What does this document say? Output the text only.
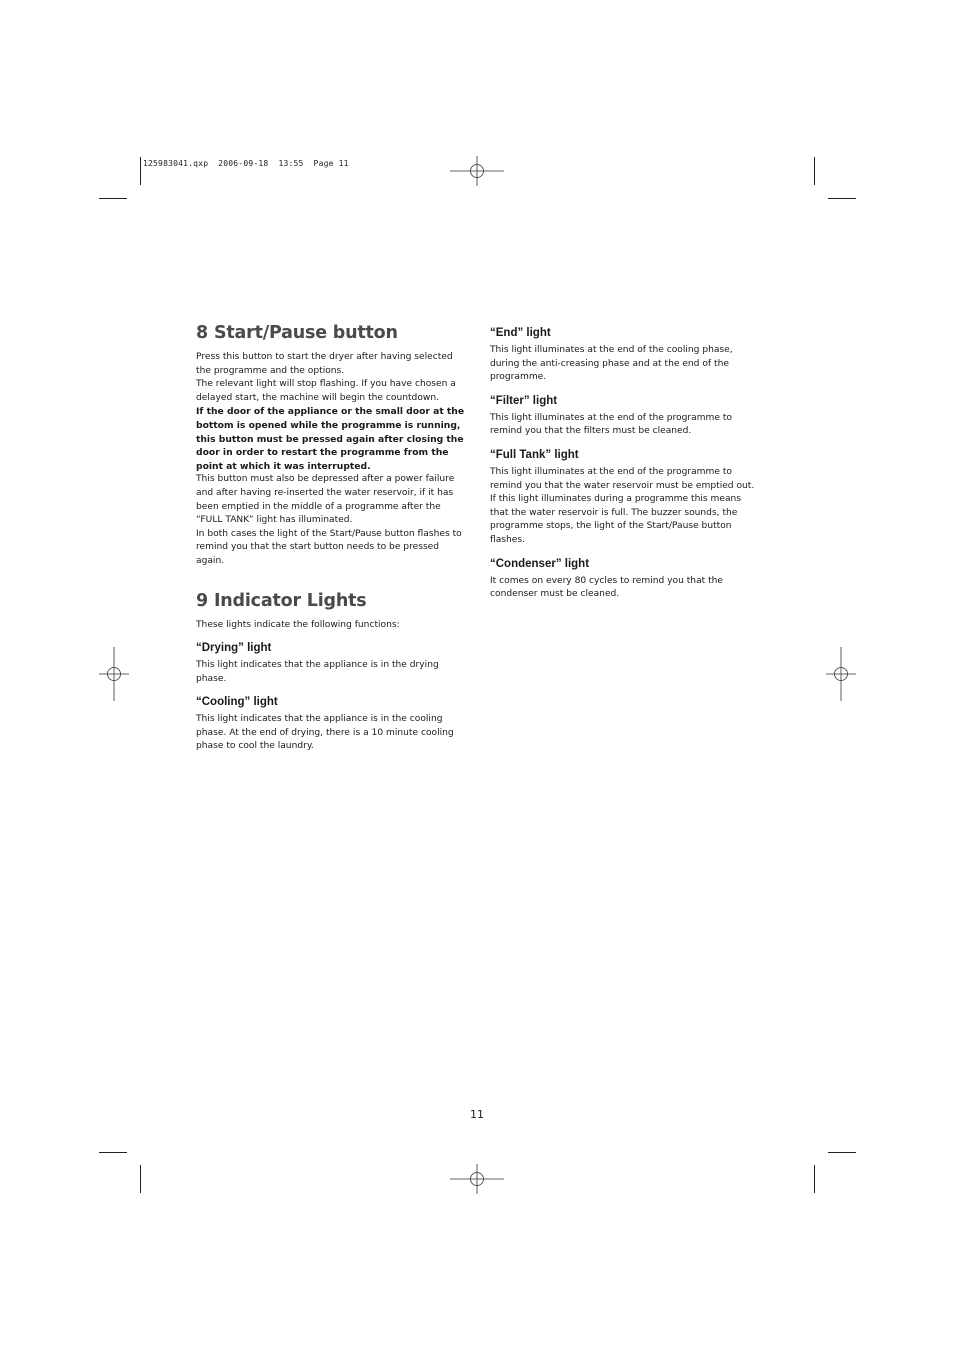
125983041.qxp  2006-09-18  13:55  Page 11
8 Start/Pause button

Press this button to start the dryer after having selected the programme and the options.

The relevant light will stop flashing. If you have chosen a delayed start, the machine will begin the countdown.

If the door of the appliance or the small door at the bottom is opened while the programme is running, this button must be pressed again after closing the door in order to restart the programme from the point at which it was interrupted.

This button must also be depressed after a power failure and after having re-inserted the water reservoir, if it has been emptied in the middle of a programme after the “FULL TANK” light has illuminated.

In both cases the light of the Start/Pause button flashes to remind you that the start button needs to be pressed again.

9 Indicator Lights

These lights indicate the following functions:

“Drying” light

This light indicates that the appliance is in the drying phase.

“Cooling” light

This light indicates that the appliance is in the cooling phase. At the end of drying, there is a 10 minute cooling phase to cool the laundry.

“End” light

This light illuminates at the end of the cooling phase, during the anti-creasing phase and at the end of the programme.

“Filter” light

This light illuminates at the end of the programme to remind you that the filters must be cleaned.

“Full Tank” light

This light illuminates at the end of the programme to remind you that the water reservoir must be emptied out. If this light illuminates during a programme this means that the water reservoir is full. The buzzer sounds, the programme stops, the light of the Start/Pause button flashes.

“Condenser” light

It comes on every 80 cycles to remind you that the condenser must be cleaned.

11
